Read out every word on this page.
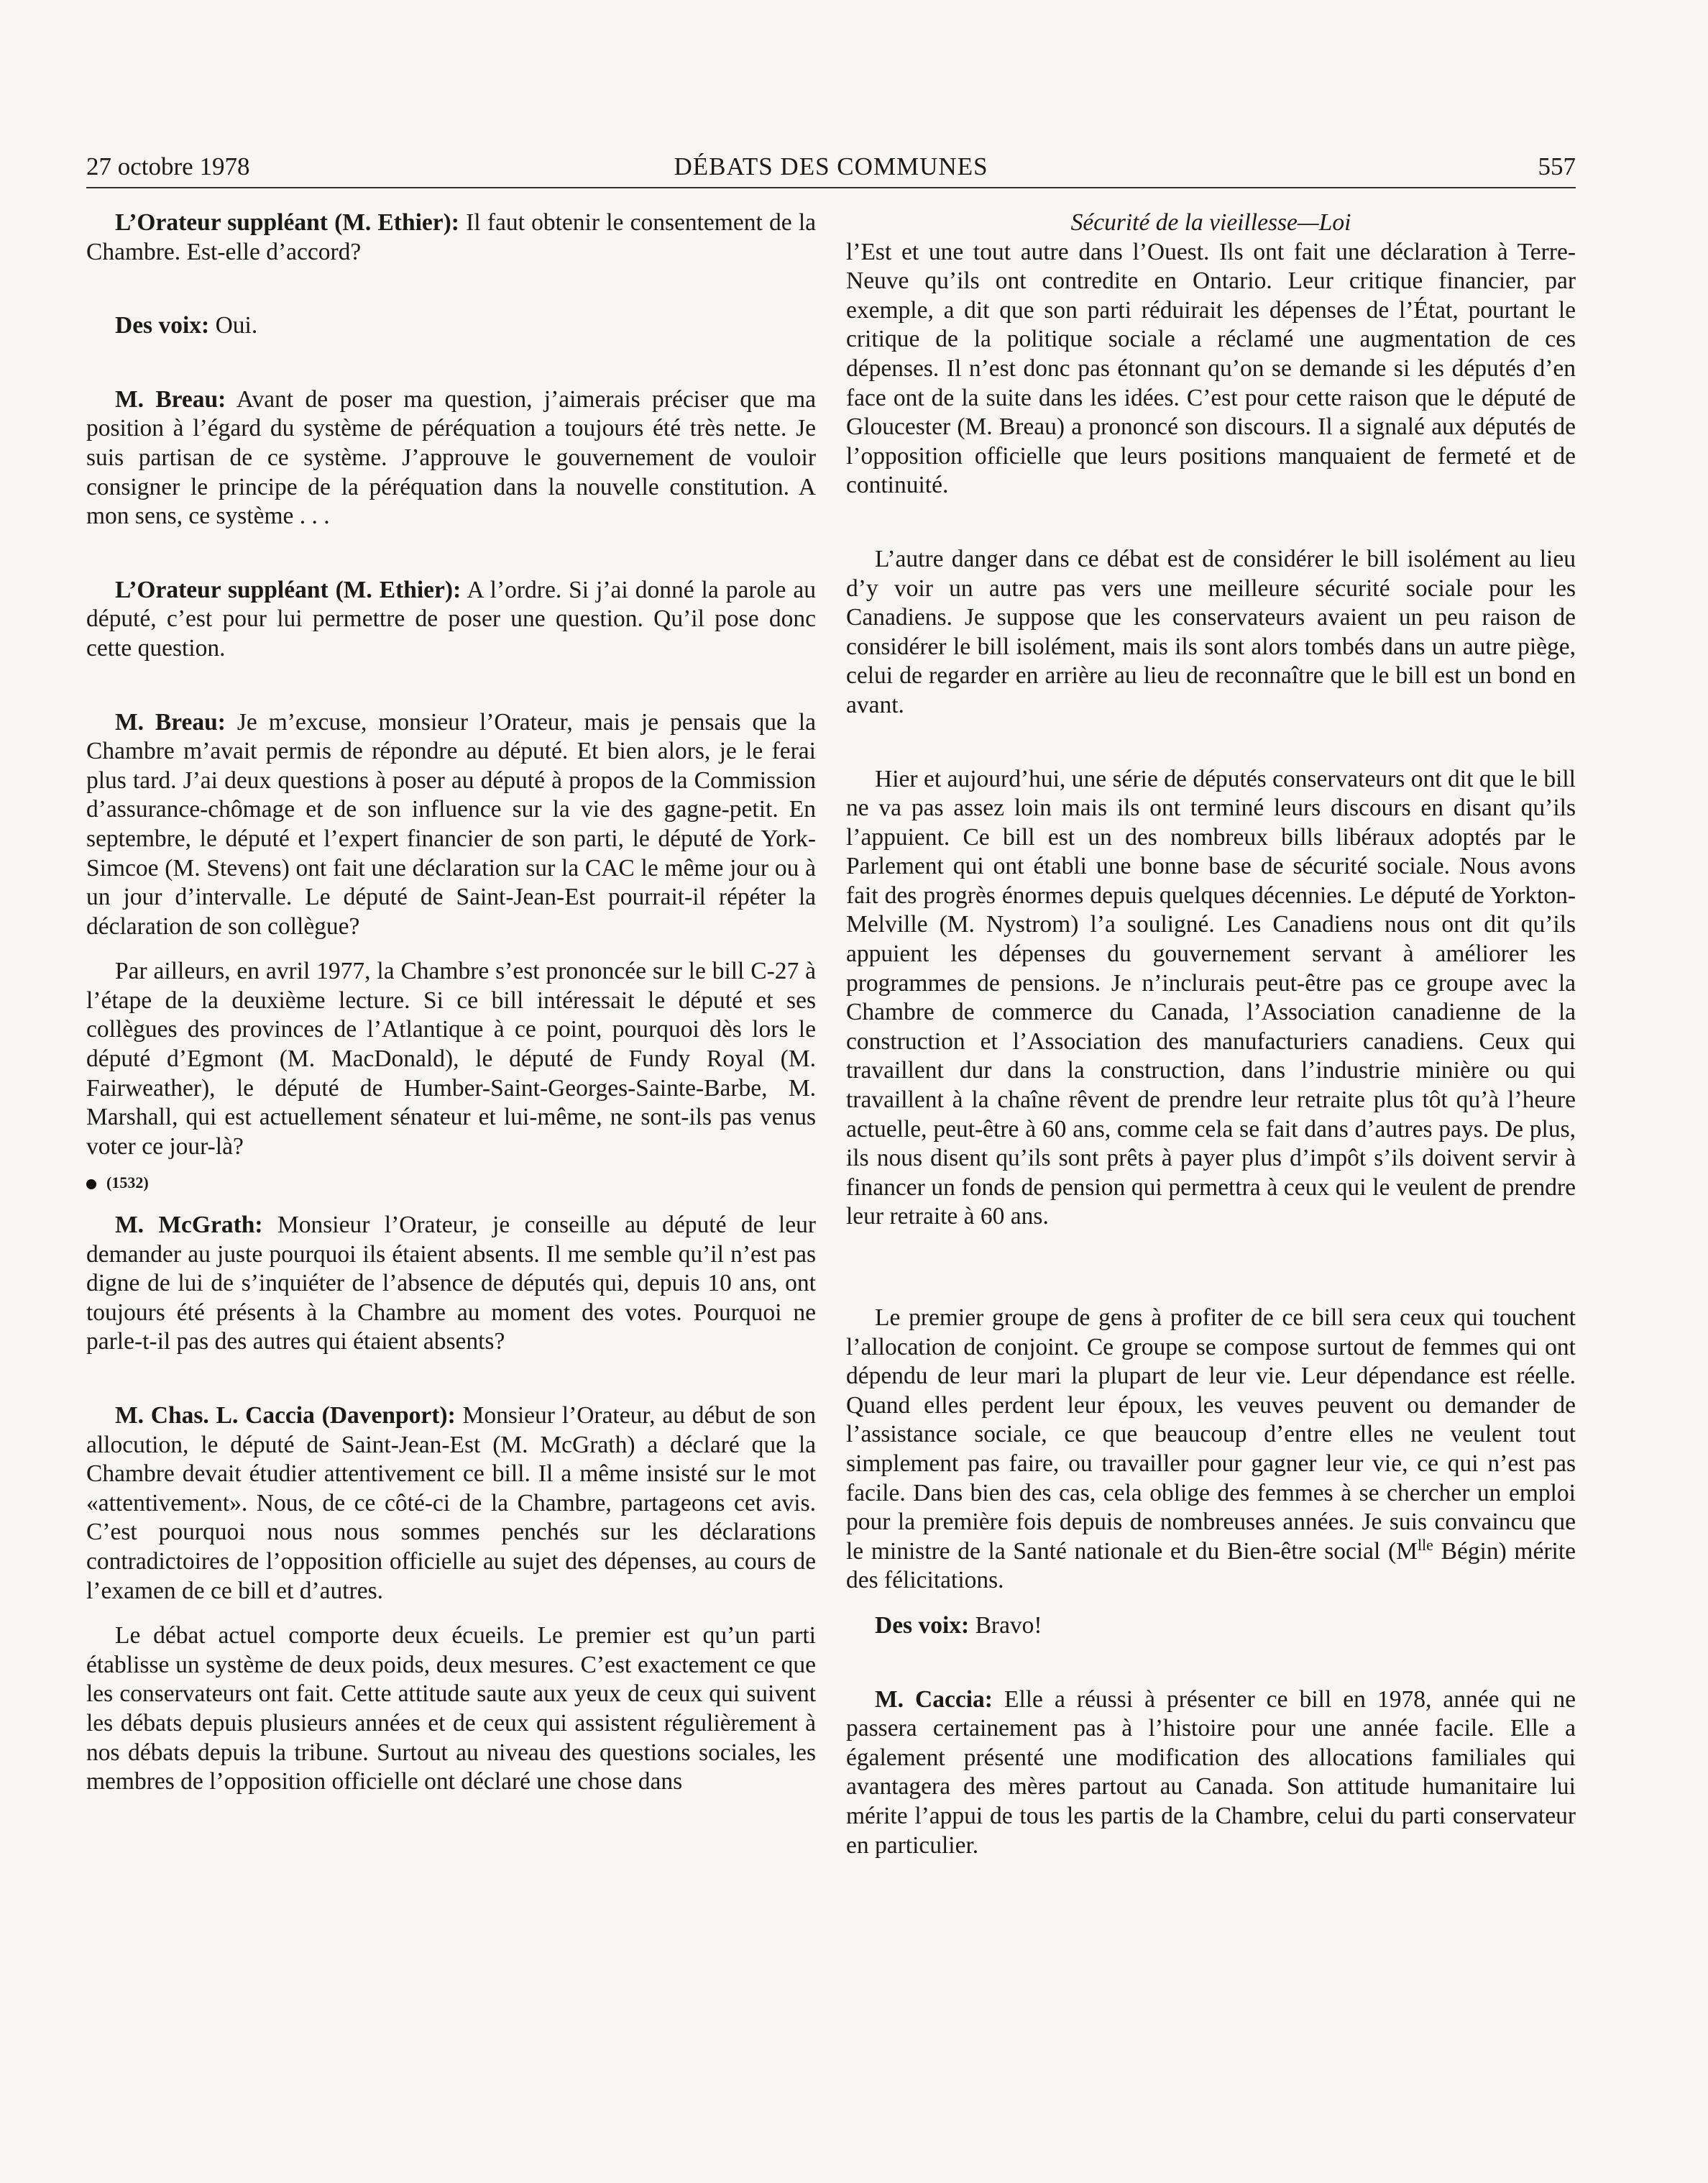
27 octobre 1978	DÉBATS DES COMMUNES	557

L’Orateur suppléant (M. Ethier): Il faut obtenir le consentement de la Chambre. Est-elle d’accord?

Des voix: Oui.

M. Breau: Avant de poser ma question, j’aimerais préciser que ma position à l’égard du système de péréquation a toujours été très nette. Je suis partisan de ce système. J’approuve le gouvernement de vouloir consigner le principe de la péréquation dans la nouvelle constitution. A mon sens, ce système . . .

L’Orateur suppléant (M. Ethier): A l’ordre. Si j’ai donné la parole au député, c’est pour lui permettre de poser une question. Qu’il pose donc cette question.

M. Breau: Je m’excuse, monsieur l’Orateur, mais je pensais que la Chambre m’avait permis de répondre au député. Et bien alors, je le ferai plus tard. J’ai deux questions à poser au député à propos de la Commission d’assurance-chômage et de son influence sur la vie des gagne-petit. En septembre, le député et l’expert financier de son parti, le député de York-Simcoe (M. Stevens) ont fait une déclaration sur la CAC le même jour ou à un jour d’intervalle. Le député de Saint-Jean-Est pourrait-il répéter la déclaration de son collègue?

Par ailleurs, en avril 1977, la Chambre s’est prononcée sur le bill C-27 à l’étape de la deuxième lecture. Si ce bill intéressait le député et ses collègues des provinces de l’Atlantique à ce point, pourquoi dès lors le député d’Egmont (M. MacDonald), le député de Fundy Royal (M. Fairweather), le député de Humber-Saint-Georges-Sainte-Barbe, M. Marshall, qui est actuellement sénateur et lui-même, ne sont-ils pas venus voter ce jour-là?

(1532)

M. McGrath: Monsieur l’Orateur, je conseille au député de leur demander au juste pourquoi ils étaient absents. Il me semble qu’il n’est pas digne de lui de s’inquiéter de l’absence de députés qui, depuis 10 ans, ont toujours été présents à la Chambre au moment des votes. Pourquoi ne parle-t-il pas des autres qui étaient absents?

M. Chas. L. Caccia (Davenport): Monsieur l’Orateur, au début de son allocution, le député de Saint-Jean-Est (M. McGrath) a déclaré que la Chambre devait étudier attentivement ce bill. Il a même insisté sur le mot «attentivement». Nous, de ce côté-ci de la Chambre, partageons cet avis. C’est pourquoi nous nous sommes penchés sur les déclarations contradictoires de l’opposition officielle au sujet des dépenses, au cours de l’examen de ce bill et d’autres.

Le débat actuel comporte deux écueils. Le premier est qu’un parti établisse un système de deux poids, deux mesures. C’est exactement ce que les conservateurs ont fait. Cette attitude saute aux yeux de ceux qui suivent les débats depuis plusieurs années et de ceux qui assistent régulièrement à nos débats depuis la tribune. Surtout au niveau des questions sociales, les membres de l’opposition officielle ont déclaré une chose dans

Sécurité de la vieillesse—Loi

l’Est et une tout autre dans l’Ouest. Ils ont fait une déclaration à Terre-Neuve qu’ils ont contredite en Ontario. Leur critique financier, par exemple, a dit que son parti réduirait les dépenses de l’État, pourtant le critique de la politique sociale a réclamé une augmentation de ces dépenses. Il n’est donc pas étonnant qu’on se demande si les députés d’en face ont de la suite dans les idées. C’est pour cette raison que le député de Gloucester (M. Breau) a prononcé son discours. Il a signalé aux députés de l’opposition officielle que leurs positions manquaient de fermeté et de continuité.

L’autre danger dans ce débat est de considérer le bill isolément au lieu d’y voir un autre pas vers une meilleure sécurité sociale pour les Canadiens. Je suppose que les conservateurs avaient un peu raison de considérer le bill isolément, mais ils sont alors tombés dans un autre piège, celui de regarder en arrière au lieu de reconnaître que le bill est un bond en avant.

Hier et aujourd’hui, une série de députés conservateurs ont dit que le bill ne va pas assez loin mais ils ont terminé leurs discours en disant qu’ils l’appuient. Ce bill est un des nombreux bills libéraux adoptés par le Parlement qui ont établi une bonne base de sécurité sociale. Nous avons fait des progrès énormes depuis quelques décennies. Le député de Yorkton-Melville (M. Nystrom) l’a souligné. Les Canadiens nous ont dit qu’ils appuient les dépenses du gouvernement servant à améliorer les programmes de pensions. Je n’inclurais peut-être pas ce groupe avec la Chambre de commerce du Canada, l’Association canadienne de la construction et l’Association des manufacturiers canadiens. Ceux qui travaillent dur dans la construction, dans l’industrie minière ou qui travaillent à la chaîne rêvent de prendre leur retraite plus tôt qu’à l’heure actuelle, peut-être à 60 ans, comme cela se fait dans d’autres pays. De plus, ils nous disent qu’ils sont prêts à payer plus d’impôt s’ils doivent servir à financer un fonds de pension qui permettra à ceux qui le veulent de prendre leur retraite à 60 ans.

Le premier groupe de gens à profiter de ce bill sera ceux qui touchent l’allocation de conjoint. Ce groupe se compose surtout de femmes qui ont dépendu de leur mari la plupart de leur vie. Leur dépendance est réelle. Quand elles perdent leur époux, les veuves peuvent ou demander de l’assistance sociale, ce que beaucoup d’entre elles ne veulent tout simplement pas faire, ou travailler pour gagner leur vie, ce qui n’est pas facile. Dans bien des cas, cela oblige des femmes à se chercher un emploi pour la première fois depuis de nombreuses années. Je suis convaincu que le ministre de la Santé nationale et du Bien-être social ($M^{lle}$ Bégin) mérite des félicitations.

Des voix: Bravo!

M. Caccia: Elle a réussi à présenter ce bill en 1978, année qui ne passera certainement pas à l’histoire pour une année facile. Elle a également présenté une modification des allocations familiales qui avantagera des mères partout au Canada. Son attitude humanitaire lui mérite l’appui de tous les partis de la Chambre, celui du parti conservateur en particulier.
